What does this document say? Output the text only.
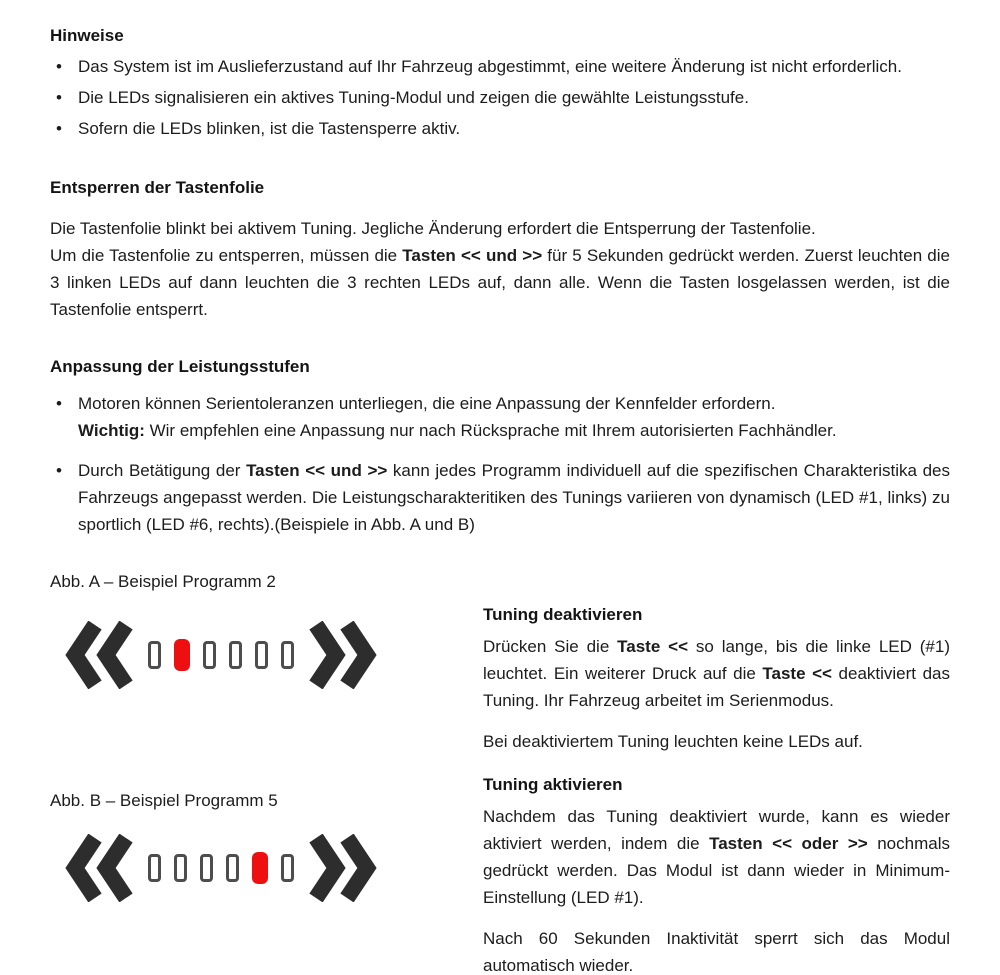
Hinweise
• Das System ist im Auslieferzustand auf Ihr Fahrzeug abgestimmt, eine weitere Änderung ist nicht erforderlich.
• Die LEDs signalisieren ein aktives Tuning-Modul und zeigen die gewählte Leistungsstufe.
• Sofern die LEDs blinken, ist die Tastensperre aktiv.
Entsperren der Tastenfolie

Die Tastenfolie blinkt bei aktivem Tuning. Jegliche Änderung erfordert die Entsperrung der Tastenfolie.
Um die Tastenfolie zu entsperren, müssen die Tasten << und >> für 5 Sekunden gedrückt werden. Zuerst leuchten die 3 linken LEDs auf dann leuchten die 3 rechten LEDs auf, dann alle. Wenn die Tasten losgelassen werden, ist die Tastenfolie entsperrt.

Anpassung der Leistungsstufen
• Motoren können Serientoleranzen unterliegen, die eine Anpassung der Kennfelder erfordern.
Wichtig: Wir empfehlen eine Anpassung nur nach Rücksprache mit Ihrem autorisierten Fachhändler.
• Durch Betätigung der Tasten << und >> kann jedes Programm individuell auf die spezifischen Charakteristika des Fahrzeugs angepasst werden. Die Leistungscharakteritiken des Tunings variieren von dynamisch (LED #1, links) zu sportlich (LED #6, rechts).(Beispiele in Abb. A und B)

Abb. A – Beispiel Programm 2

Abb. B – Beispiel Programm 5

Tuning deaktivieren

Drücken Sie die Taste << so lange, bis die linke LED (#1) leuchtet. Ein weiterer Druck auf die Taste << deaktiviert das Tuning. Ihr Fahrzeug arbeitet im Serienmodus.

Bei deaktiviertem Tuning leuchten keine LEDs auf.

Tuning aktivieren

Nachdem das Tuning deaktiviert wurde, kann es wieder aktiviert werden, indem die Tasten << oder >> nochmals gedrückt werden. Das Modul ist dann wieder in Minimum-Einstellung (LED #1).

Nach 60 Sekunden Inaktivität sperrt sich das Modul automatisch wieder.
